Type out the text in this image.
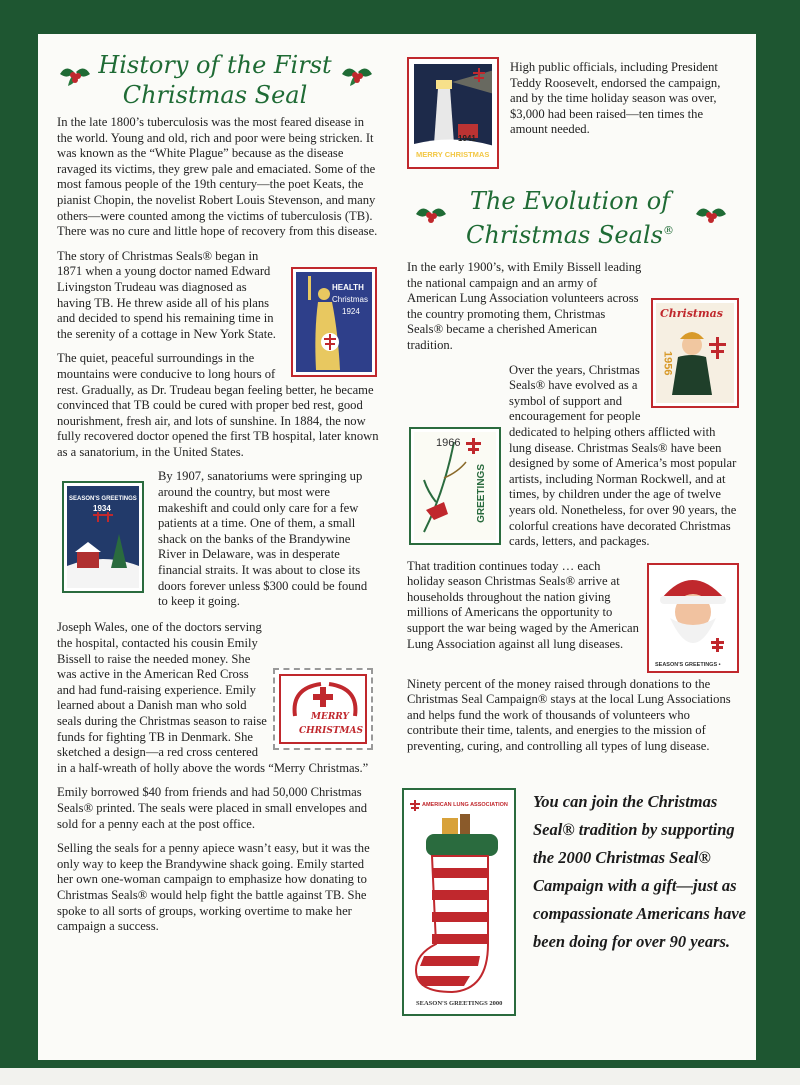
History of the First
Christmas Seal
The Evolution of
Christmas Seals®
1941
MERRY CHRISTMAS
High public officials, including President Teddy Roosevelt, endorsed the campaign, and by the time holiday season was over, $3,000 had been raised—ten times the amount needed.

In the late 1800’s tuberculosis was the most feared disease in the world. Young and old, rich and poor were being stricken. It was known as the “White Plague” because as the disease ravaged its victims, they grew pale and emaciated. Some of the most famous people of the 19th century—the poet Keats, the pianist Chopin, the novelist Robert Louis Stevenson, and many others—were counted among the victims of tuberculosis (TB). There was no cure and little hope of recovery from this disease.

HEALTH
Christmas
1924
The story of Christmas Seals® began in 1871 when a young doctor named Edward Livingston Trudeau was diagnosed as having TB. He threw aside all of his plans and decided to spend his remaining time in the serenity of a cottage in New York State.

The quiet, peaceful surroundings in the mountains were conducive to long hours of rest. Gradually, as Dr. Trudeau began feeling better, he became convinced that TB could be cured with proper bed rest, good nourishment, fresh air, and lots of sunshine. In 1884, the now fully recovered doctor opened the first TB hospital, later known as a sanatorium, in the United States.

SEASON'S GREETINGS
1934
By 1907, sanatoriums were springing up around the country, but most were makeshift and could only care for a few patients at a time. One of them, a small shack on the banks of the Brandywine River in Delaware, was in desperate financial straits. It was about to close its doors forever unless $300 could be found to keep it going.

MERRY
CHRISTMAS
Joseph Wales, one of the doctors serving the hospital, contacted his cousin Emily Bissell to raise the needed money. She was active in the American Red Cross and had fund-raising experience. Emily learned about a Danish man who sold seals during the Christmas season to raise funds for fighting TB in Denmark. She sketched a design—a red cross centered in a half-wreath of holly above the words “Merry Christmas.”

Emily borrowed $40 from friends and had 50,000 Christmas Seals® printed. The seals were placed in small envelopes and sold for a penny each at the post office.

Selling the seals for a penny apiece wasn’t easy, but it was the only way to keep the Brandywine shack going. Emily started her own one-woman campaign to emphasize how donating to Christmas Seals® would help fight the battle against TB. She spoke to all sorts of groups, working overtime to make her campaign a success.

Christmas
1956
In the early 1900’s, with Emily Bissell leading the national campaign and an army of American Lung Association volunteers across the country promoting them, Christmas Seals® became a cherished American tradition.

1966
GREETINGS
Over the years, Christmas Seals® have evolved as a symbol of support and encouragement for people dedicated to helping others afflicted with lung disease. Christmas Seals® have been designed by some of America’s most popular artists, including Norman Rockwell, and at times, by children under the age of twelve years old. Nonetheless, for over 90 years, the colorful creations have decorated Christmas cards, letters, and packages.

SEASON'S GREETINGS •
That tradition continues today … each holiday season Christmas Seals® arrive at households throughout the nation giving millions of Americans the opportunity to support the war being waged by the American Lung Association against all lung diseases.

Ninety percent of the money raised through donations to the Christmas Seal Campaign® stays at the local Lung Associations and helps fund the work of thousands of volunteers who contribute their time, talents, and energies to the mission of preventing, curing, and controlling all types of lung disease.

AMERICAN LUNG ASSOCIATION
SEASON'S GREETINGS 2000
You can join the Christmas Seal® tradition by supporting the 2000 Christmas Seal® Campaign with a gift—just as compassionate Americans have been doing for over 90 years.
